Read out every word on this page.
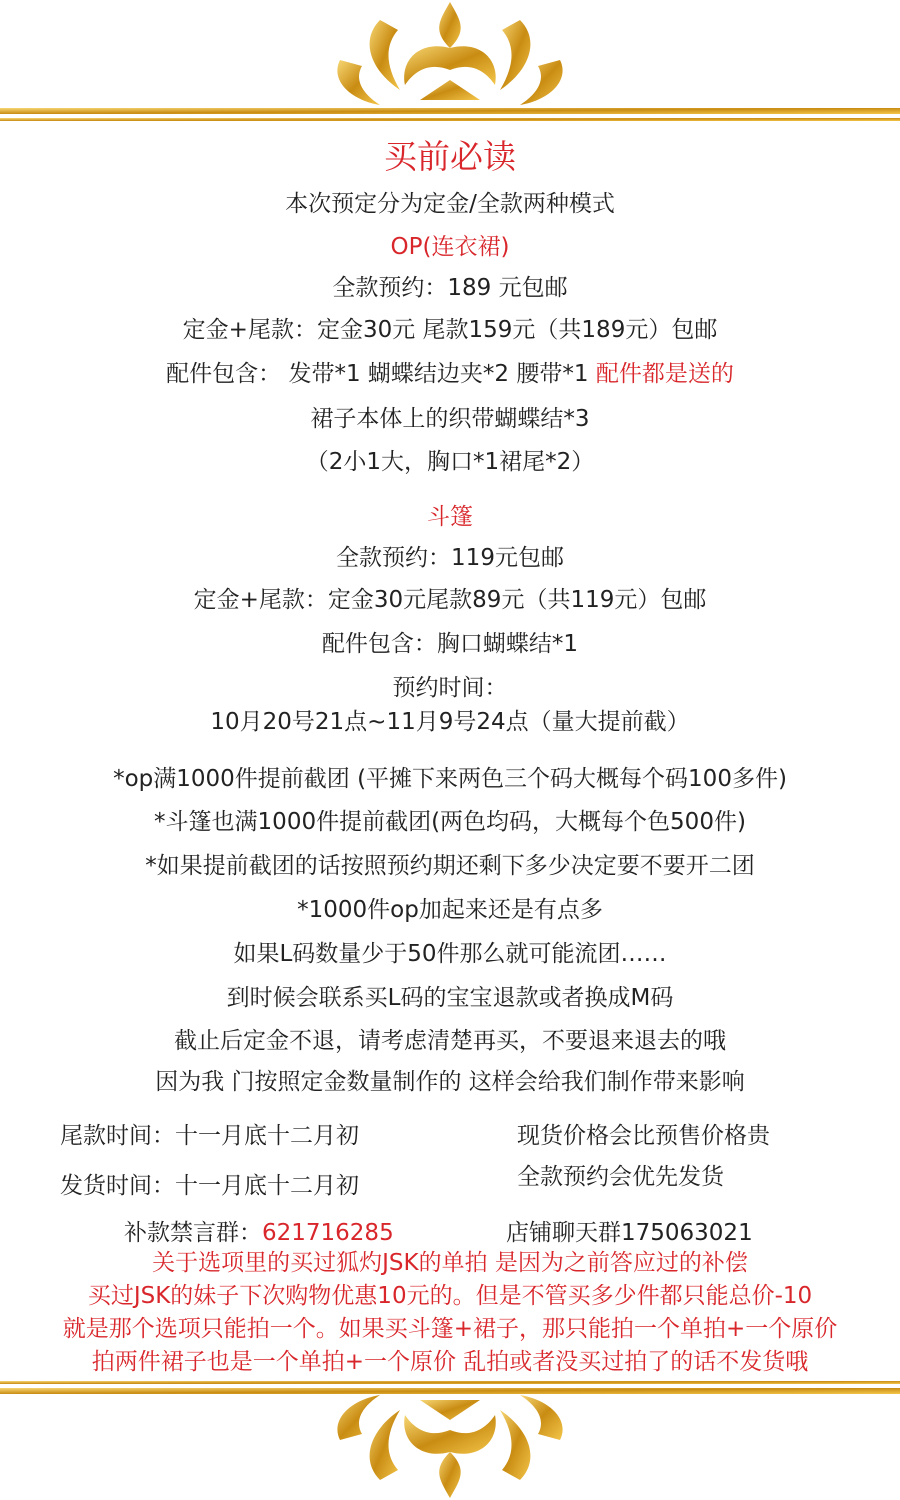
买前必读
本次预定分为定金/全款两种模式
OP(连衣裙)
全款预约：189 元包邮
定金+尾款：定金30元 尾款159元（共189元）包邮
配件包含： 发带*1 蝴蝶结边夹*2 腰带*1 配件都是送的
裙子本体上的织带蝴蝶结*3
（2小1大，胸口*1裙尾*2）
斗篷
全款预约：119元包邮
定金+尾款：定金30元尾款89元（共119元）包邮
配件包含：胸口蝴蝶结*1
预约时间：
10月20号21点~11月9号24点（量大提前截）
*op满1000件提前截团 (平摊下来两色三个码大概每个码100多件)
*斗篷也满1000件提前截团(两色均码，大概每个色500件)
*如果提前截团的话按照预约期还剩下多少决定要不要开二团
*1000件op加起来还是有点多
如果L码数量少于50件那么就可能流团……
到时候会联系买L码的宝宝退款或者换成M码
截止后定金不退，请考虑清楚再买，不要退来退去的哦
因为我 门按照定金数量制作的 这样会给我们制作带来影响
尾款时间：十一月底十二月初	现货价格会比预售价格贵
发货时间：十一月底十二月初	全款预约会优先发货
补款禁言群：621716285	店铺聊天群175063021
关于选项里的买过狐灼JSK的单拍 是因为之前答应过的补偿
买过JSK的妹子下次购物优惠10元的。但是不管买多少件都只能总价-10
就是那个选项只能拍一个。如果买斗篷+裙子，那只能拍一个单拍+一个原价
拍两件裙子也是一个单拍+一个原价 乱拍或者没买过拍了的话不发货哦
